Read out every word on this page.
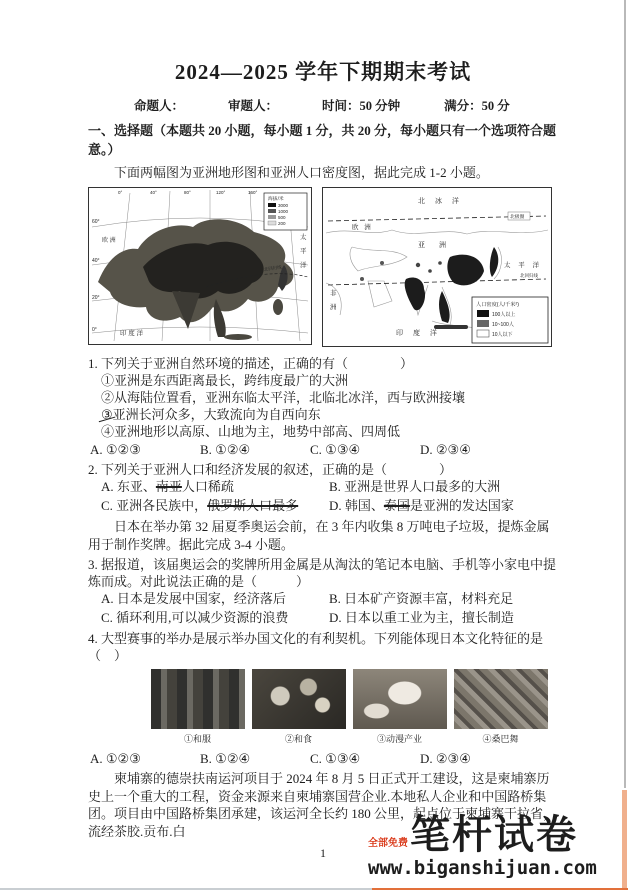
2024—2025 学年下期期末考试
命题人：	审题人：	时间：50 分钟	满分：50 分
一、选择题（本题共 20 小题，每小题 1 分，共 20 分，每小题只有一个选项符合题意。）
下面两幅图为亚洲地形图和亚洲人口密度图，据此完成 1-2 小题。
北回归线
0°	40°	80°	120°	160°
60°
40°
20°
0°
欧 洲	太
平
洋
印 度 洋
海拔/米
3000
1000
500
200
北极圈
北回归线
北 冰 洋
欧 洲
亚 洲
太 平 洋
非
洲
印 度 洋
人口密度(人/千米²)
100人以上
10~100人
10人以下
1. 下列关于亚洲自然环境的描述，正确的有（　　　　）
①亚洲是东西距离最长，跨纬度最广的大洲
②从海陆位置看，亚洲东临太平洋，北临北冰洋，西与欧洲接壤
③亚洲长河众多，大致流向为自西向东
④亚洲地形以高原、山地为主，地势中部高、四周低
A. ①②③	B. ①②④	C. ①③④	D. ②③④
2. 下列关于亚洲人口和经济发展的叙述，正确的是（　　　　）
A. 东亚、南亚人口稀疏	B. 亚洲是世界人口最多的大洲
C. 亚洲各民族中，俄罗斯人口最多	D. 韩国、泰国是亚洲的发达国家
日本在举办第 32 届夏季奥运会前，在 3 年内收集 8 万吨电子垃圾，提炼金属用于制作奖牌。据此完成 3-4 小题。
3. 据报道，该届奥运会的奖牌所用金属是从淘汰的笔记本电脑、手机等小家电中提炼而成。对此说法正确的是（　　　）
A. 日本是发展中国家，经济落后	B. 日本矿产资源丰富，材料充足
C. 循环利用,可以减少资源的浪费	D. 日本以重工业为主，擅长制造
4. 大型赛事的举办是展示举办国文化的有利契机。下列能体现日本文化特征的是（　）
①和服	②和食	③动漫产业	④桑巴舞
A. ①②③	B. ①②④	C. ①③④	D. ②③④
柬埔寨的德崇扶南运河项目于 2024 年 8 月 5 日正式开工建设，这是柬埔寨历史上一个重大的工程，资金来源来自柬埔寨国营企业.本地私人企业和中国路桥集团。项目由中国路桥集团承建，该运河全长约 180 公里，起点位于柬埔寨干拉省，流经茶胶.贡布.白
1
全部免费 笔杆试卷
www.biganshijuan.com
